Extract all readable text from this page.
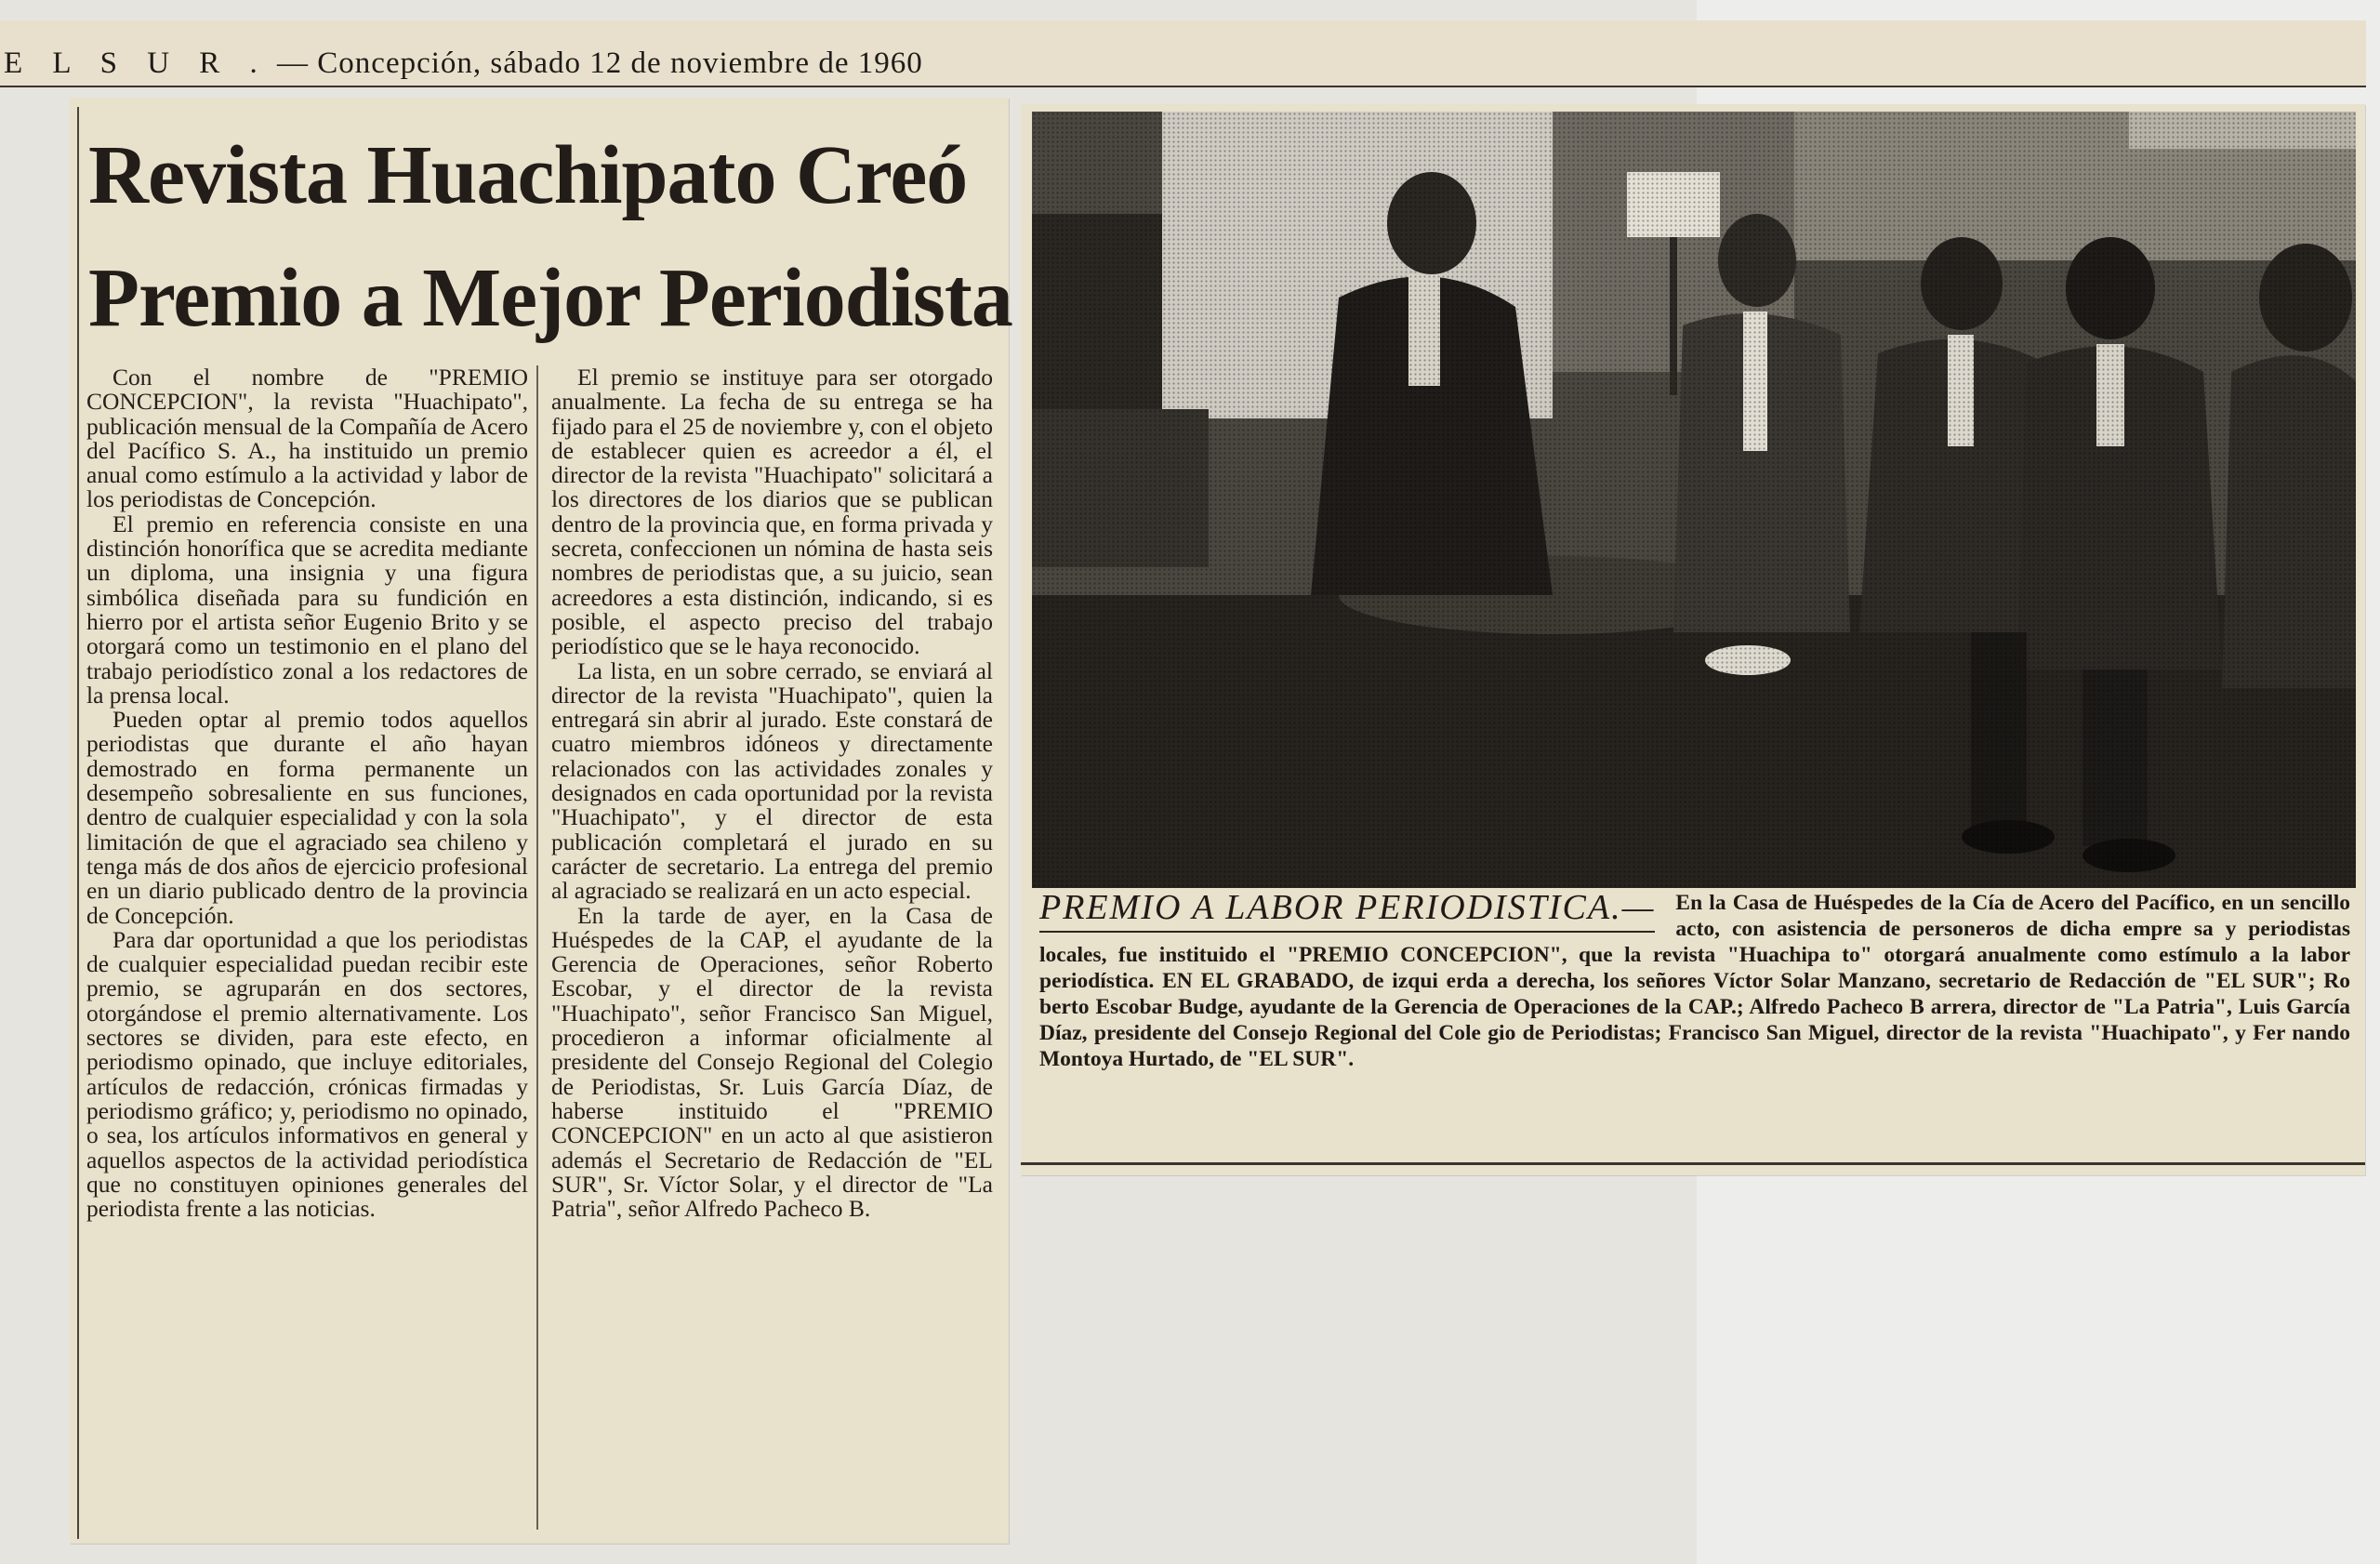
E L S U R . — Concepción, sábado 12 de noviembre de 1960
Revista Huachipato Creó
Premio a Mejor Periodista

Con el nombre de "PREMIO CONCEPCION", la revista "Huachipato", publicación mensual de la Compañía de Acero del Pacífico S. A., ha instituido un premio anual como estímulo a la actividad y labor de los periodistas de Concepción.

El premio en referencia consiste en una distinción honorífica que se acredita mediante un diploma, una insignia y una figura simbólica diseñada para su fundición en hierro por el artista señor Eugenio Brito y se otorgará como un testimonio en el plano del trabajo periodístico zonal a los redactores de la prensa local.

Pueden optar al premio todos aquellos periodistas que durante el año hayan demostrado en forma permanente un desempeño sobresaliente en sus funciones, dentro de cualquier especialidad y con la sola limitación de que el agraciado sea chileno y tenga más de dos años de ejercicio profesional en un diario publicado dentro de la provincia de Concepción.

Para dar oportunidad a que los periodistas de cualquier especialidad puedan recibir este premio, se agruparán en dos sectores, otorgándose el premio alternativamente. Los sectores se dividen, para este efecto, en periodismo opinado, que incluye editoriales, artículos de redacción, crónicas firmadas y periodismo gráfico; y, periodismo no opinado, o sea, los artículos informativos en general y aquellos aspectos de la actividad periodística que no constituyen opiniones generales del periodista frente a las noticias.

El premio se instituye para ser otorgado anualmente. La fecha de su entrega se ha fijado para el 25 de noviembre y, con el objeto de establecer quien es acreedor a él, el director de la revista "Huachipato" solicitará a los directores de los diarios que se publican dentro de la provincia que, en forma privada y secreta, confeccionen un nómina de hasta seis nombres de periodistas que, a su juicio, sean acreedores a esta distinción, indicando, si es posible, el aspecto preciso del trabajo periodístico que se le haya reconocido.

La lista, en un sobre cerrado, se enviará al director de la revista "Huachipato", quien la entregará sin abrir al jurado. Este constará de cuatro miembros idóneos y directamente relacionados con las actividades zonales y designados en cada oportunidad por la revista "Huachipato", y el director de esta publicación completará el jurado en su carácter de secretario. La entrega del premio al agraciado se realizará en un acto especial.

En la tarde de ayer, en la Casa de Huéspedes de la CAP, el ayudante de la Gerencia de Operaciones, señor Roberto Escobar, y el director de la revista "Huachipato", señor Francisco San Miguel, procedieron a informar oficialmente al presidente del Consejo Regional del Colegio de Periodistas, Sr. Luis García Díaz, de haberse instituido el "PREMIO CONCEPCION" en un acto al que asistieron además el Secretario de Redacción de "EL SUR", Sr. Víctor Solar, y el director de "La Patria", señor Alfredo Pacheco B.

PREMIO A LABOR PERIODISTICA.— En la Casa de Huéspedes de la Cía de Acero del Pacífico, en un sencillo acto, con asistencia de personeros de dicha empre sa y periodistas locales, fue instituido el "PREMIO CONCEPCION", que la revista "Huachipa to" otorgará anualmente como estímulo a la labor periodística. EN EL GRABADO, de izqui erda a derecha, los señores Víctor Solar Manzano, secretario de Redacción de "EL SUR"; Ro berto Escobar Budge, ayudante de la Gerencia de Operaciones de la CAP.; Alfredo Pacheco B arrera, director de "La Patria", Luis García Díaz, presidente del Consejo Regional del Cole gio de Periodistas; Francisco San Miguel, director de la revista "Huachipato", y Fer nando Montoya Hurtado, de "EL SUR".
